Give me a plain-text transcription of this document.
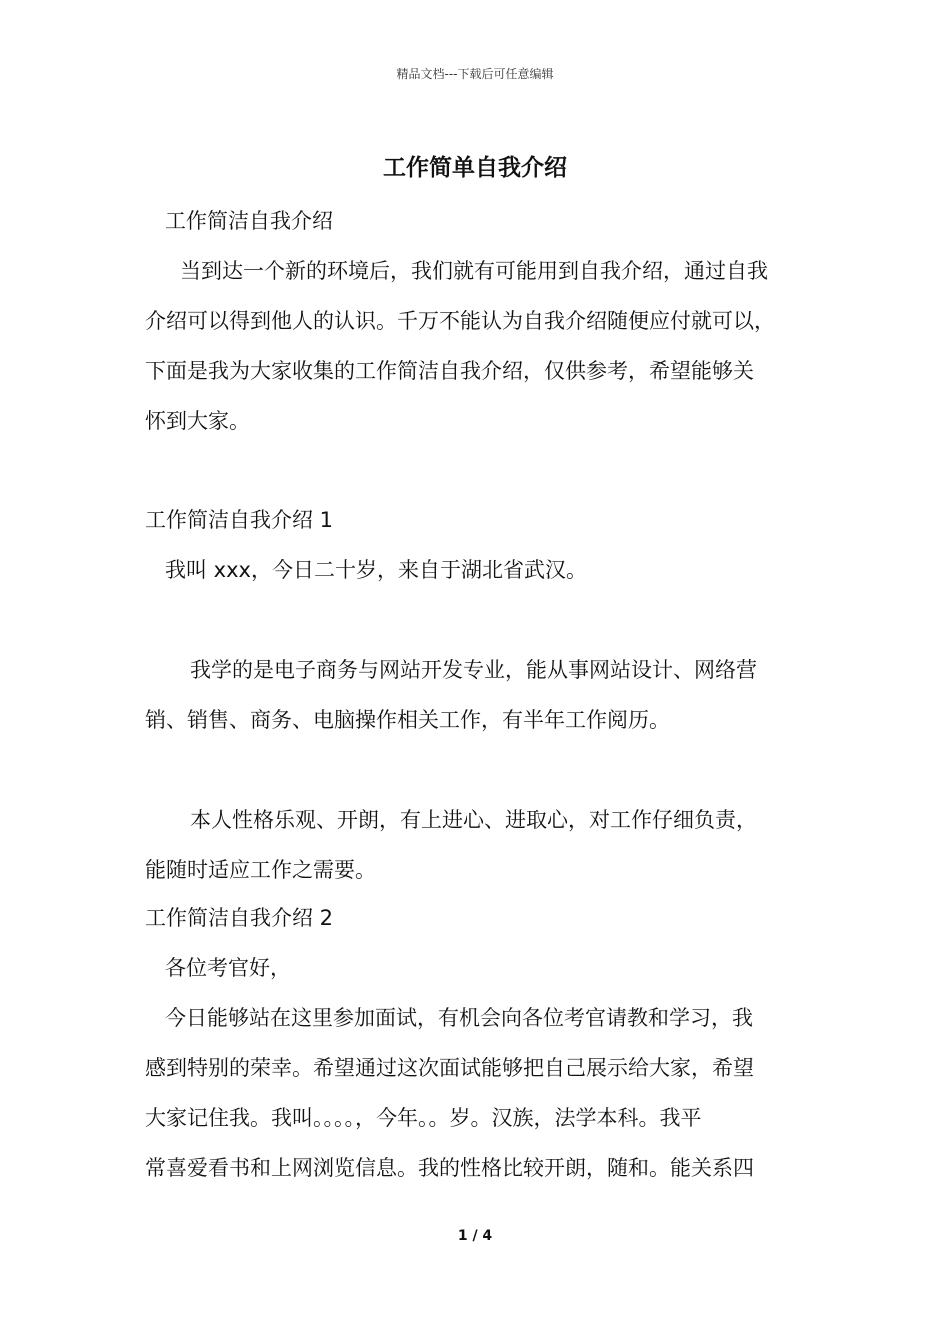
精品文档---下载后可任意编辑
工作简单自我介绍

工作简洁自我介绍

当到达一个新的环境后，我们就有可能用到自我介绍，通过自我

介绍可以得到他人的认识。千万不能认为自我介绍随便应付就可以，

下面是我为大家收集的工作简洁自我介绍，仅供参考，希望能够关

怀到大家。

工作简洁自我介绍 1

我叫 xxx，今日二十岁，来自于湖北省武汉。

我学的是电子商务与网站开发专业，能从事网站设计、网络营

销、销售、商务、电脑操作相关工作，有半年工作阅历。

本人性格乐观、开朗，有上进心、进取心，对工作仔细负责，

能随时适应工作之需要。

工作简洁自我介绍 2

各位考官好，

今日能够站在这里参加面试，有机会向各位考官请教和学习，我

感到特别的荣幸。希望通过这次面试能够把自己展示给大家，希望

大家记住我。我叫。。。。，今年。。岁。汉族，法学本科。我平

常喜爱看书和上网浏览信息。我的性格比较开朗，随和。能关系四

1 / 4
